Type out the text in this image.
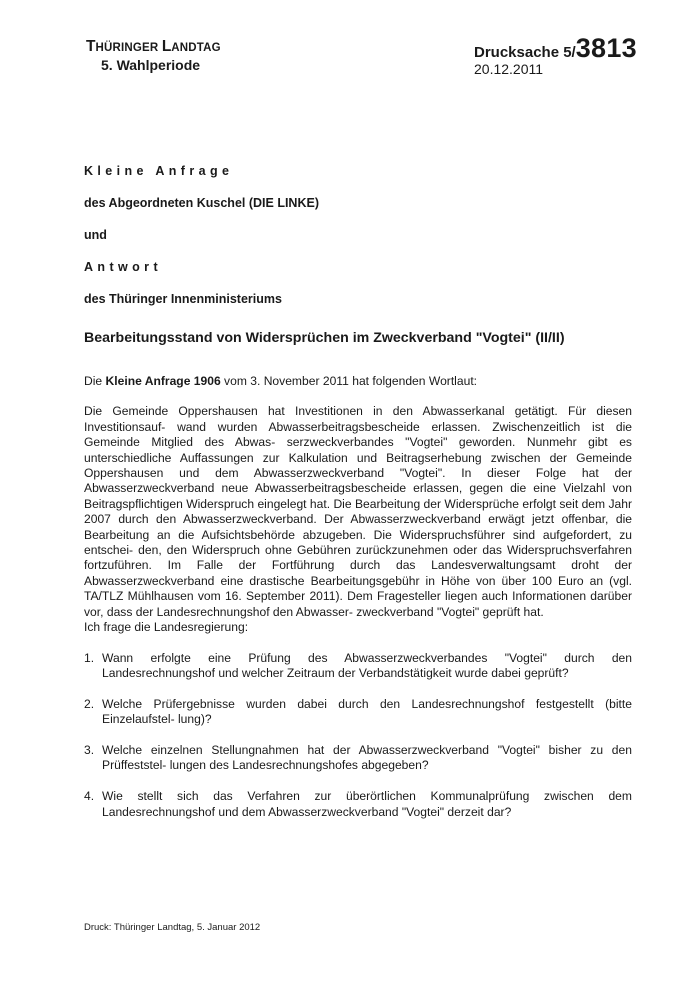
THÜRINGER LANDTAG
5. Wahlperiode
Drucksache 5/3813
20.12.2011
Kleine Anfrage
des Abgeordneten Kuschel (DIE LINKE)
und
Antwort
des Thüringer Innenministeriums
Bearbeitungsstand von Widersprüchen im Zweckverband "Vogtei" (II/II)

Die Kleine Anfrage 1906 vom 3. November 2011 hat folgenden Wortlaut:

Die Gemeinde Oppershausen hat Investitionen in den Abwasserkanal getätigt. Für diesen Investitionsauf- wand wurden Abwasserbeitragsbescheide erlassen. Zwischenzeitlich ist die Gemeinde Mitglied des Abwas- serzweckverbandes "Vogtei" geworden. Nunmehr gibt es unterschiedliche Auffassungen zur Kalkulation und Beitragserhebung zwischen der Gemeinde Oppershausen und dem Abwasserzweckverband "Vogtei". In dieser Folge hat der Abwasserzweckverband neue Abwasserbeitragsbescheide erlassen, gegen die eine Vielzahl von Beitragspflichtigen Widerspruch eingelegt hat. Die Bearbeitung der Widersprüche erfolgt seit dem Jahr 2007 durch den Abwasserzweckverband. Der Abwasserzweckverband erwägt jetzt offenbar, die Bearbeitung an die Aufsichtsbehörde abzugeben. Die Widerspruchsführer sind aufgefordert, zu entschei- den, den Widerspruch ohne Gebühren zurückzunehmen oder das Widerspruchsverfahren fortzuführen. Im Falle der Fortführung durch das Landesverwaltungsamt droht der Abwasserzweckverband eine drastische Bearbeitungsgebühr in Höhe von über 100 Euro an (vgl. TA/TLZ Mühlhausen vom 16. September 2011). Dem Fragesteller liegen auch Informationen darüber vor, dass der Landesrechnungshof den Abwasser- zweckverband "Vogtei" geprüft hat.

Ich frage die Landesregierung:

1. Wann erfolgte eine Prüfung des Abwasserzweckverbandes "Vogtei" durch den Landesrechnungshof und welcher Zeitraum der Verbandstätigkeit wurde dabei geprüft?
2. Welche Prüfergebnisse wurden dabei durch den Landesrechnungshof festgestellt (bitte Einzelaufstel- lung)?
3. Welche einzelnen Stellungnahmen hat der Abwasserzweckverband "Vogtei" bisher zu den Prüffeststel- lungen des Landesrechnungshofes abgegeben?
4. Wie stellt sich das Verfahren zur überörtlichen Kommunalprüfung zwischen dem Landesrechnungshof und dem Abwasserzweckverband "Vogtei" derzeit dar?
Druck: Thüringer Landtag, 5. Januar 2012
